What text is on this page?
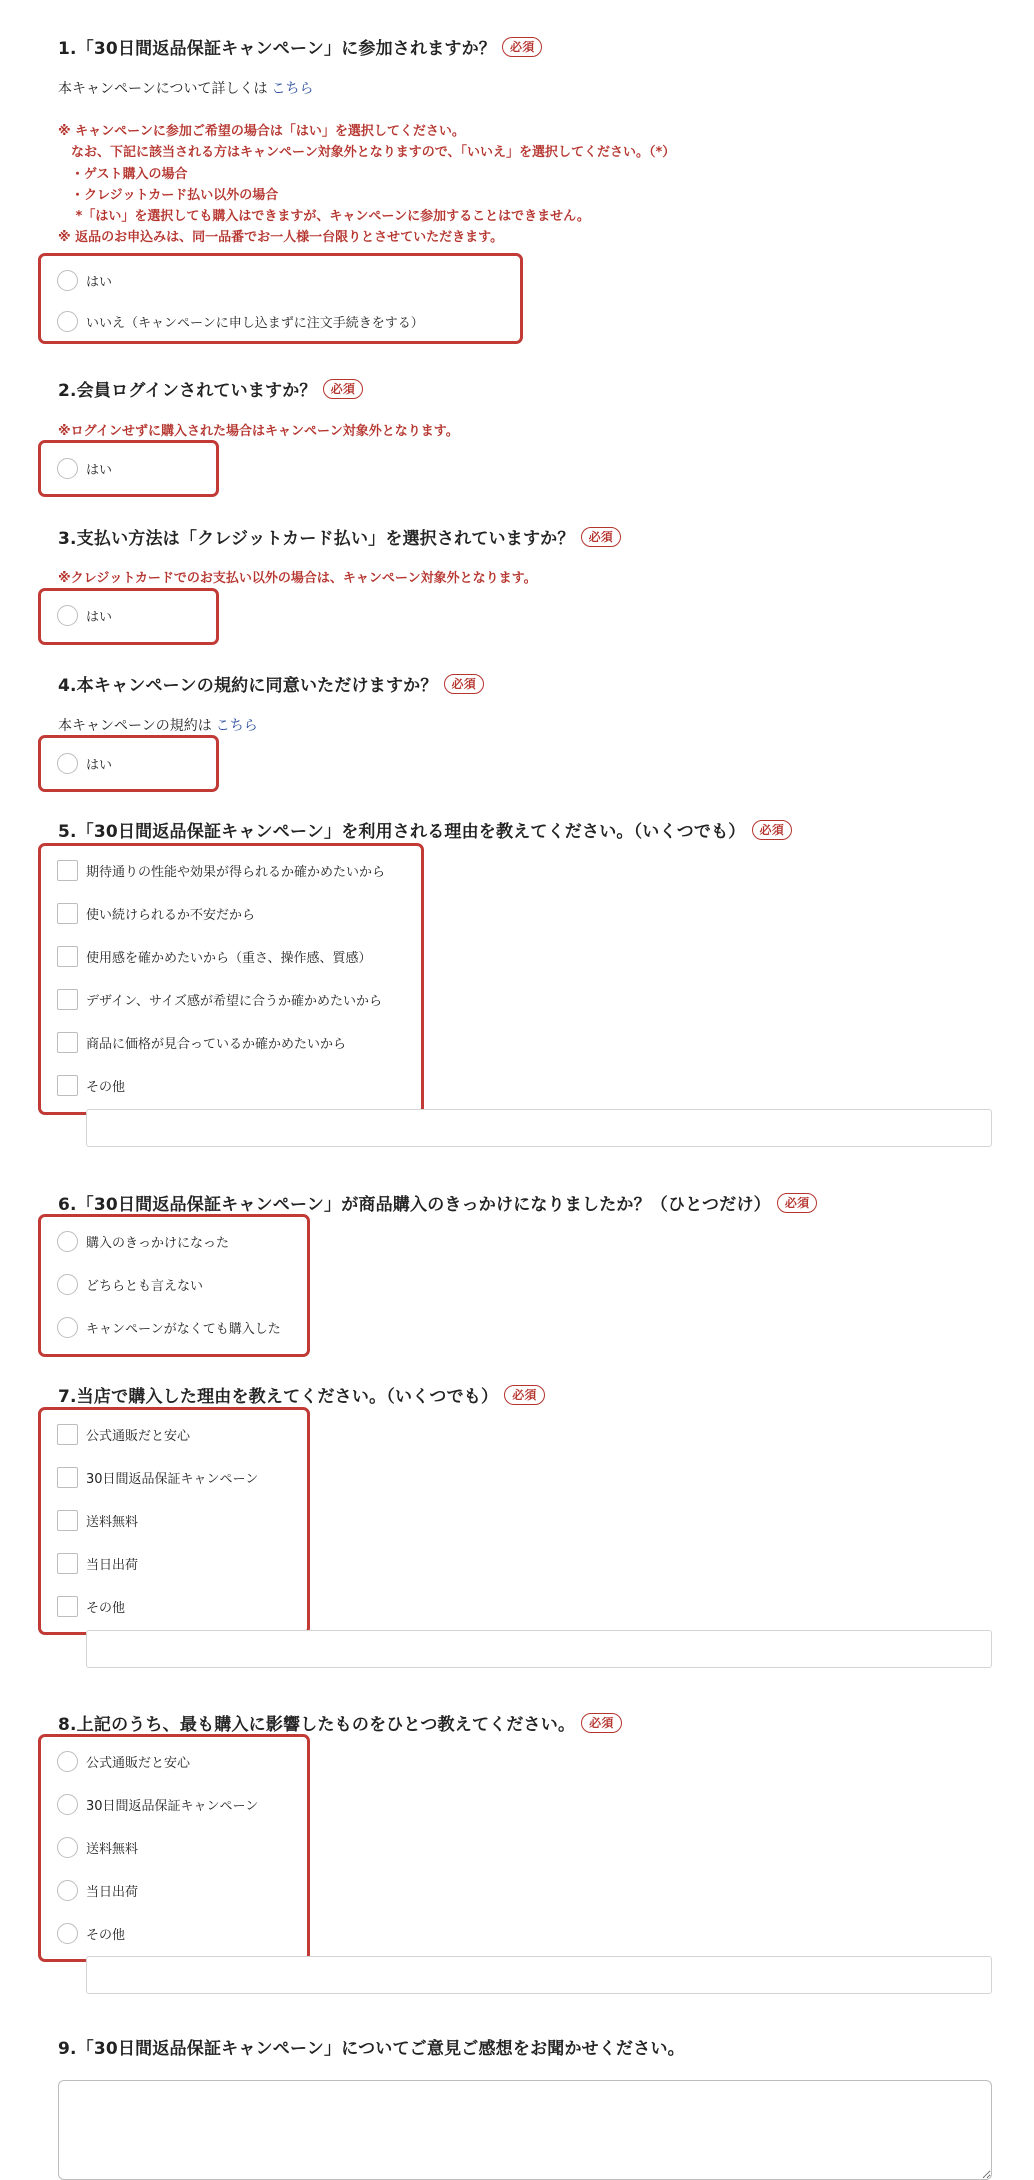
1.「30日間返品保証キャンペーン」に参加されますか？ 必須
本キャンペーンについて詳しくは こちら
※ キャンペーンに参加ご希望の場合は「はい」を選択してください。
　なお、下記に該当される方はキャンペーン対象外となりますので、「いいえ」を選択してください。（*）
　・ゲスト購入の場合
　・クレジットカード払い以外の場合
　 *「はい」を選択しても購入はできますが、キャンペーンに参加することはできません。
※ 返品のお申込みは、同一品番でお一人様一台限りとさせていただきます。
はい
いいえ（キャンペーンに申し込まずに注文手続きをする）
2.会員ログインされていますか？ 必須
※ログインせずに購入された場合はキャンペーン対象外となります。
はい
3.支払い方法は「クレジットカード払い」を選択されていますか？ 必須
※クレジットカードでのお支払い以外の場合は、キャンペーン対象外となります。
はい
4.本キャンペーンの規約に同意いただけますか？ 必須
本キャンペーンの規約は こちら
はい
5.「30日間返品保証キャンペーン」を利用される理由を教えてください。（いくつでも） 必須
期待通りの性能や効果が得られるか確かめたいから
使い続けられるか不安だから
使用感を確かめたいから（重さ、操作感、質感）
デザイン、サイズ感が希望に合うか確かめたいから
商品に価格が見合っているか確かめたいから
その他
6.「30日間返品保証キャンペーン」が商品購入のきっかけになりましたか？（ひとつだけ） 必須
購入のきっかけになった
どちらとも言えない
キャンペーンがなくても購入した
7.当店で購入した理由を教えてください。（いくつでも） 必須
公式通販だと安心
30日間返品保証キャンペーン
送料無料
当日出荷
その他
8.上記のうち、最も購入に影響したものをひとつ教えてください。 必須
公式通販だと安心
30日間返品保証キャンペーン
送料無料
当日出荷
その他
9.「30日間返品保証キャンペーン」についてご意見ご感想をお聞かせください。
